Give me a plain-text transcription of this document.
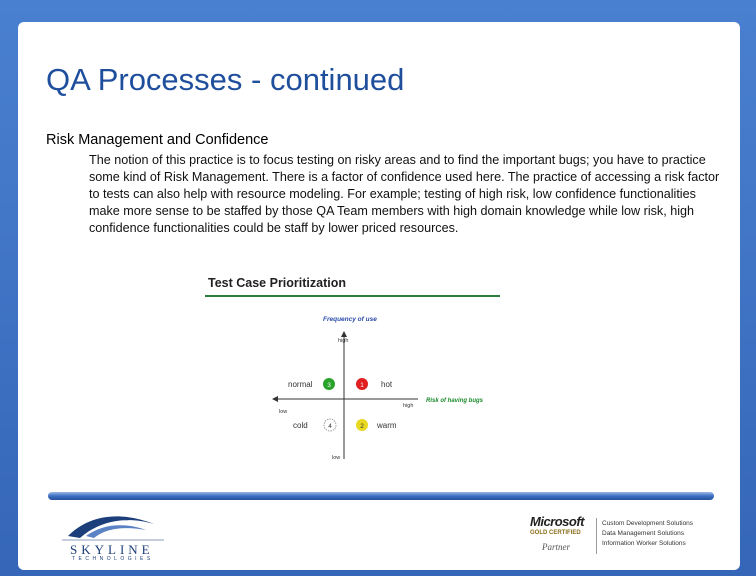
QA Processes - continued
Risk Management and Confidence
The notion of this practice is to focus testing on risky areas and to find the important bugs; you have to practice some kind of Risk Management. There is a factor of confidence used here. The practice of accessing a risk factor to tests can also help with resource modeling. For example; testing of high risk, low confidence functionalities make more sense to be staffed by those QA Team members with high domain knowledge while low risk, high confidence functionalities could be staff by lower priced resources.
Test Case Prioritization
Frequency of use
high
low
low
high
Risk of having bugs
3
normal	1 hot
4
cold	2 warm
SKYLINE
TECHNOLOGIES
Microsoft
GOLD CERTIFIED
Partner
Custom Development Solutions
Data Management Solutions
Information Worker Solutions
